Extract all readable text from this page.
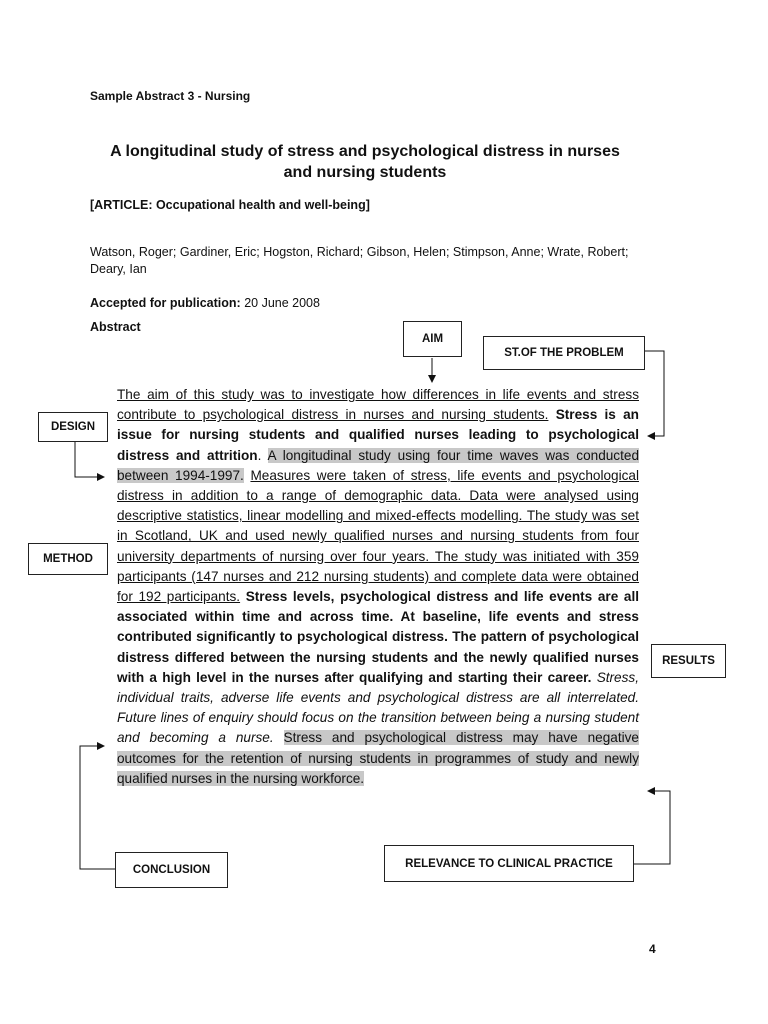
Sample Abstract 3 - Nursing
A longitudinal study of stress and psychological distress in nurses and nursing students
[ARTICLE: Occupational health and well-being]
Watson, Roger; Gardiner, Eric; Hogston, Richard; Gibson, Helen; Stimpson, Anne; Wrate, Robert; Deary, Ian
Accepted for publication: 20 June 2008
Abstract
The aim of this study was to investigate how differences in life events and stress contribute to psychological distress in nurses and nursing students. Stress is an issue for nursing students and qualified nurses leading to psychological distress and attrition. A longitudinal study using four time waves was conducted between 1994-1997. Measures were taken of stress, life events and psychological distress in addition to a range of demographic data. Data were analysed using descriptive statistics, linear modelling and mixed-effects modelling. The study was set in Scotland, UK and used newly qualified nurses and nursing students from four university departments of nursing over four years. The study was initiated with 359 participants (147 nurses and 212 nursing students) and complete data were obtained for 192 participants. Stress levels, psychological distress and life events are all associated within time and across time. At baseline, life events and stress contributed significantly to psychological distress. The pattern of psychological distress differed between the nursing students and the newly qualified nurses with a high level in the nurses after qualifying and starting their career. Stress, individual traits, adverse life events and psychological distress are all interrelated. Future lines of enquiry should focus on the transition between being a nursing student and becoming a nurse. Stress and psychological distress may have negative outcomes for the retention of nursing students in programmes of study and newly qualified nurses in the nursing workforce.
AIM
ST.OF THE PROBLEM
DESIGN
METHOD
RESULTS
CONCLUSION
RELEVANCE TO CLINICAL PRACTICE
4
